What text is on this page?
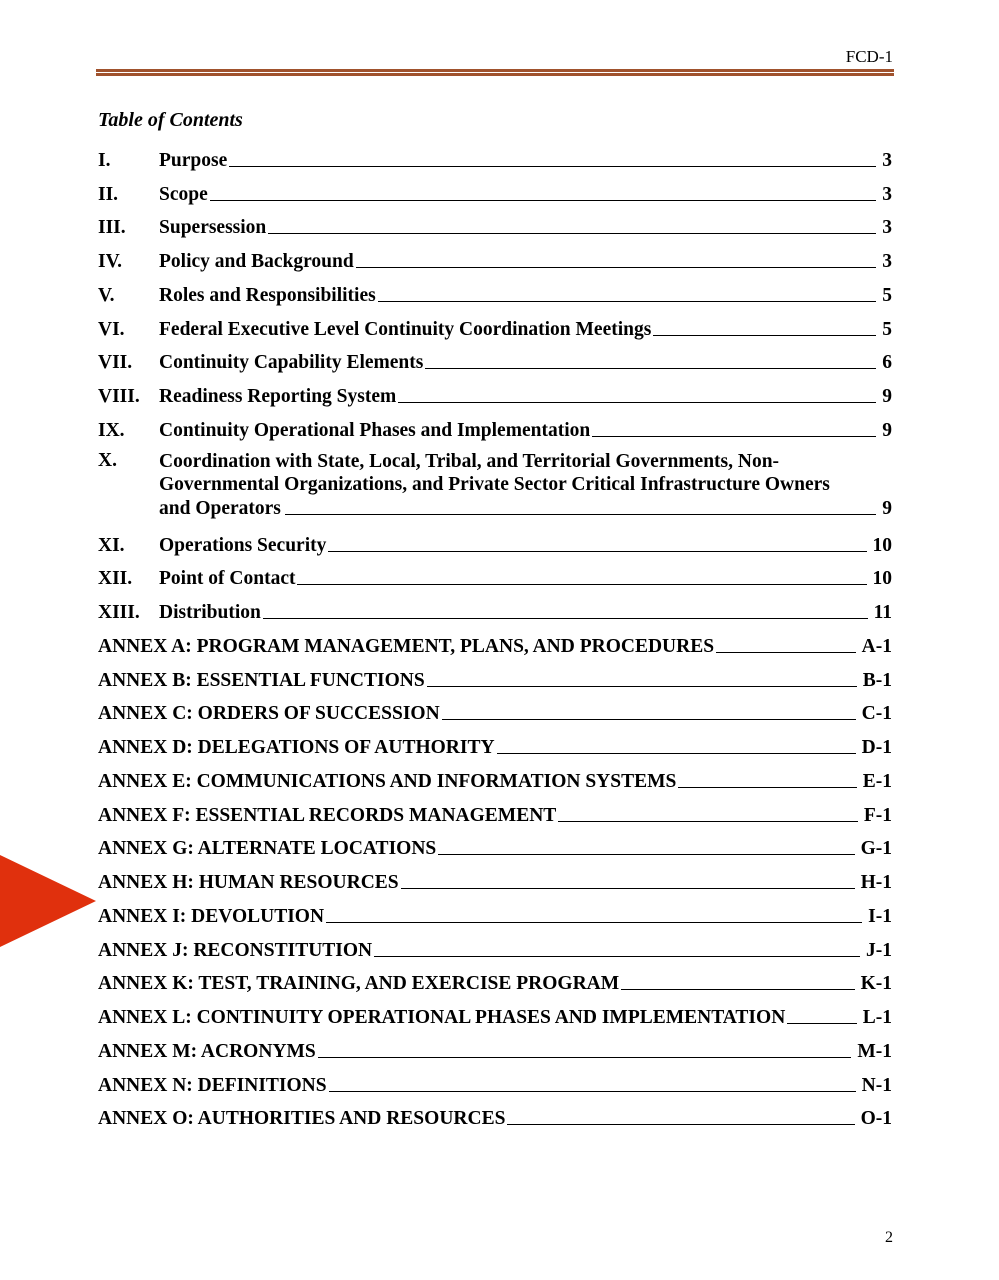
FCD-1
Table of Contents
I.	Purpose	3
II.	Scope	3
III.	Supersession	3
IV.	Policy and Background	3
V.	Roles and Responsibilities	5
VI.	Federal Executive Level Continuity Coordination Meetings	5
VII.	Continuity Capability Elements	6
VIII. Readiness Reporting System	9
IX.	Continuity Operational Phases and Implementation	9
X.	Coordination with State, Local, Tribal, and Territorial Governments, Non-
Governmental Organizations, and Private Sector Critical Infrastructure Owners
and Operators	9
XI.	Operations Security	10
XII.	Point of Contact	10
XIII. Distribution	11
ANNEX A: PROGRAM MANAGEMENT, PLANS, AND PROCEDURES	A-1
ANNEX B: ESSENTIAL FUNCTIONS	B-1
ANNEX C: ORDERS OF SUCCESSION	C-1
ANNEX D: DELEGATIONS OF AUTHORITY	D-1
ANNEX E: COMMUNICATIONS AND INFORMATION SYSTEMS	E-1
ANNEX F: ESSENTIAL RECORDS MANAGEMENT	F-1
ANNEX G: ALTERNATE LOCATIONS	G-1
ANNEX H: HUMAN RESOURCES	H-1
ANNEX I: DEVOLUTION	I-1
ANNEX J: RECONSTITUTION	J-1
ANNEX K: TEST, TRAINING, AND EXERCISE PROGRAM	K-1
ANNEX L: CONTINUITY OPERATIONAL PHASES AND IMPLEMENTATION	L-1
ANNEX M: ACRONYMS	M-1
ANNEX N: DEFINITIONS	N-1
ANNEX O: AUTHORITIES AND RESOURCES	O-1
2
